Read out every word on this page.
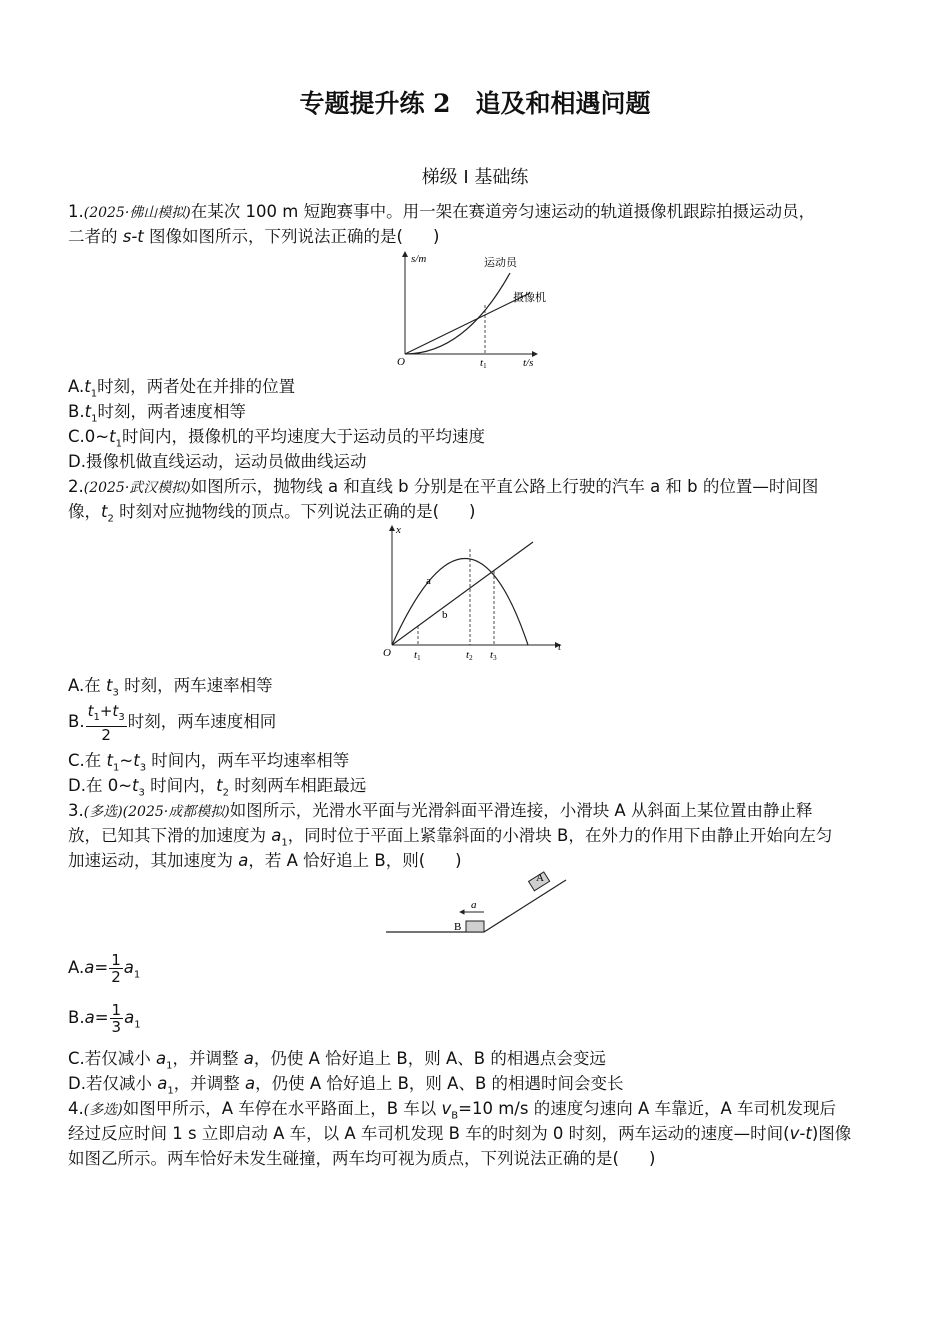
专题提升练 2　追及和相遇问题
梯级 Ⅰ 基础练
1.(2025·佛山模拟)在某次 100 m 短跑赛事中。用一架在赛道旁匀速运动的轨道摄像机跟踪拍摄运动员，
二者的 s-t 图像如图所示，下列说法正确的是( )
s/m
t/s
O	t1
运动员
摄像机
$A.t_1$时刻，两者处在并排的位置
$B.t_1$时刻，两者速度相等
$C.0\sim t_1$时间内，摄像机的平均速度大于运动员的平均速度
D.摄像机做直线运动，运动员做曲线运动
2.(2025·武汉模拟)如图所示，抛物线 a 和直线 b 分别是在平直公路上行驶的汽车 a 和 b 的位置—时间图
像，$t_2$ 时刻对应抛物线的顶点。下列说法正确的是( )
x
t
O
a
b
t1	t2 t3
A.在 $t_3$ 时刻，两车速率相等
B. $\frac{t_1+t_3}{2}$ 时刻，两车速度相同
C.在 $t_1\sim t_3$ 时间内，两车平均速率相等
D.在 $0\sim t_3$ 时间内，$t_2$ 时刻两车相距最远
3.(多选)(2025·成都模拟)如图所示，光滑水平面与光滑斜面平滑连接，小滑块 A 从斜面上某位置由静止释
放，已知其下滑的加速度为 $a_1$，同时位于平面上紧靠斜面的小滑块 B，在外力的作用下由静止开始向左匀
加速运动，其加速度为 a，若 A 恰好追上 B，则( )
a
B
A
$A.a= \frac{1}{2} a_1$
$B.a= \frac{1}{3} a_1$
C.若仅减小 $a_1$，并调整 a，仍使 A 恰好追上 B，则 A、B 的相遇点会变远
D.若仅减小 $a_1$，并调整 a，仍使 A 恰好追上 B，则 A、B 的相遇时间会变长
4.(多选)如图甲所示，A 车停在水平路面上，B 车以 $v_B=10$ m/s 的速度匀速向 A 车靠近，A 车司机发现后
经过反应时间 1 s 立即启动 A 车，以 A 车司机发现 B 车的时刻为 0 时刻，两车运动的速度—时间(v-t)图像
如图乙所示。两车恰好未发生碰撞，两车均可视为质点，下列说法正确的是( )
